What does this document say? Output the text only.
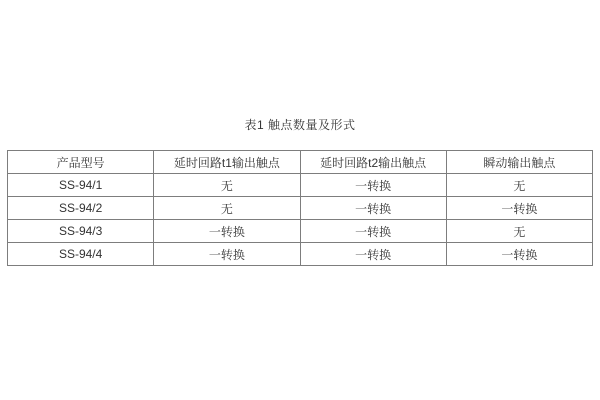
表1 触点数量及形式
产品型号	延时回路t1输出触点	延时回路t2输出触点	瞬动输出触点
SS-94/1	无	一转换	无
SS-94/2	无	一转换	一转换
SS-94/3	一转换	一转换	无
SS-94/4	一转换	一转换	一转换
